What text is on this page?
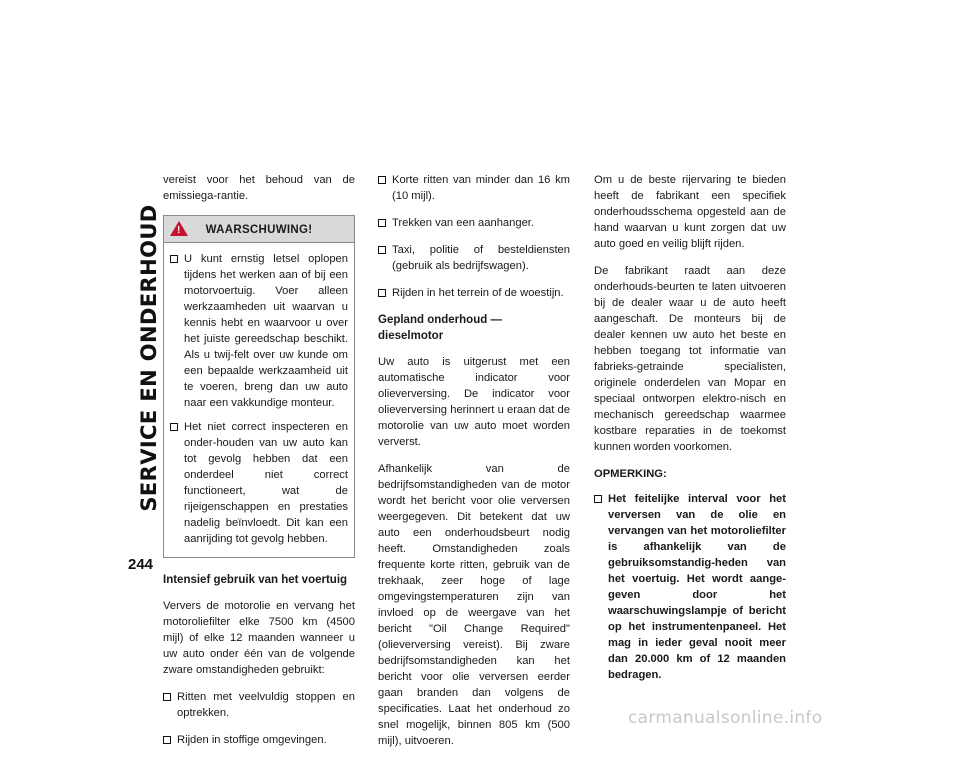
SERVICE EN ONDERHOUD
244

vereist voor het behoud van de emissiega-rantie.

!
WAARSCHUWING!
U kunt ernstig letsel oplopen tijdens het werken aan of bij een motorvoertuig. Voer alleen werkzaamheden uit waarvan u kennis hebt en waarvoor u over het juiste gereedschap beschikt. Als u twij-felt over uw kunde om een bepaalde werkzaamheid uit te voeren, breng dan uw auto naar een vakkundige monteur.
Het niet correct inspecteren en onder-houden van uw auto kan tot gevolg hebben dat een onderdeel niet correct functioneert, wat de rijeigenschappen en prestaties nadelig beïnvloedt. Dit kan een aanrijding tot gevolg hebben.
Intensief gebruik van het voertuig

Ververs de motorolie en vervang het motoroliefilter elke 7500 km (4500 mijl) of elke 12 maanden wanneer u uw auto onder één van de volgende zware omstandigheden gebruikt:

Ritten met veelvuldig stoppen en optrekken.
Rijden in stoffige omgevingen.
Korte ritten van minder dan 16 km (10 mijl).
Trekken van een aanhanger.
Taxi, politie of besteldiensten (gebruik als bedrijfswagen).
Rijden in het terrein of de woestijn.
Gepland onderhoud — dieselmotor

Uw auto is uitgerust met een automatische indicator voor olieverversing. De indicator voor olieverversing herinnert u eraan dat de motorolie van uw auto moet worden ververst.

Afhankelijk van de bedrijfsomstandigheden van de motor wordt het bericht voor olie verversen weergegeven. Dit betekent dat uw auto een onderhoudsbeurt nodig heeft. Omstandigheden zoals frequente korte ritten, gebruik van de trekhaak, zeer hoge of lage omgevingstemperaturen zijn van invloed op de weergave van het bericht "Oil Change Required" (olieverversing vereist). Bij zware bedrijfsomstandigheden kan het bericht voor olie verversen eerder gaan branden dan volgens de specificaties. Laat het onderhoud zo snel mogelijk, binnen 805 km (500 mijl), uitvoeren.

Om u de beste rijervaring te bieden heeft de fabrikant een specifiek onderhoudsschema opgesteld aan de hand waarvan u kunt zorgen dat uw auto goed en veilig blijft rijden.

De fabrikant raadt aan deze onderhouds-beurten te laten uitvoeren bij de dealer waar u de auto heeft aangeschaft. De monteurs bij de dealer kennen uw auto het beste en hebben toegang tot informatie van fabrieks-getrainde specialisten, originele onderdelen van Mopar en speciaal ontworpen elektro-nisch en mechanisch gereedschap waarmee kostbare reparaties in de toekomst kunnen worden voorkomen.

OPMERKING:
Het feitelijke interval voor het verversen van de olie en vervangen van het motoroliefilter is afhankelijk van de gebruiksomstandig-heden van het voertuig. Het wordt aange-geven door het waarschuwingslampje of bericht op het instrumentenpaneel. Het mag in ieder geval nooit meer dan 20.000 km of 12 maanden bedragen.
carmanualsonline.info
